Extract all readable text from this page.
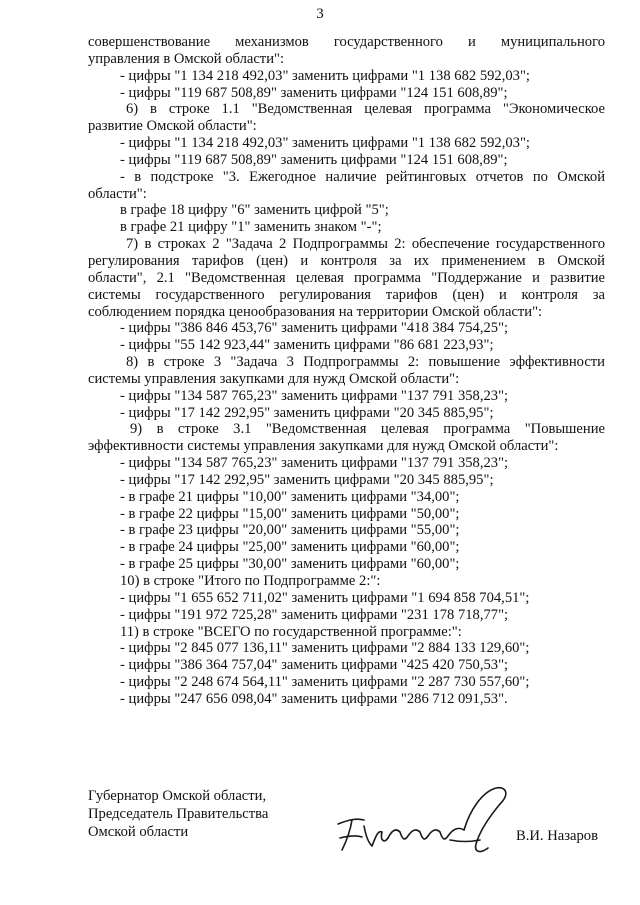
3

совершенствование механизмов государственного и муниципального

управления в Омской области":

- цифры "1 134 218 492,03" заменить цифрами "1 138 682 592,03";

- цифры "119 687 508,89" заменить цифрами "124 151 608,89";

6) в строке 1.1 "Ведомственная целевая программа "Экономическое

развитие Омской области":

- цифры "1 134 218 492,03" заменить цифрами "1 138 682 592,03";

- цифры "119 687 508,89" заменить цифрами "124 151 608,89";

- в подстроке "3. Ежегодное наличие рейтинговых отчетов по Омской

области":

в графе 18 цифру "6" заменить цифрой "5";

в графе 21 цифру "1" заменить знаком "-";

7) в строках 2 "Задача 2 Подпрограммы 2: обеспечение государственного

регулирования тарифов (цен) и контроля за их применением в Омской

области", 2.1 "Ведомственная целевая программа "Поддержание и развитие

системы государственного регулирования тарифов (цен) и контроля за

соблюдением порядка ценообразования на территории Омской области":

- цифры "386 846 453,76" заменить цифрами "418 384 754,25";

- цифры "55 142 923,44" заменить цифрами "86 681 223,93";

8) в строке 3 "Задача 3 Подпрограммы 2: повышение эффективности

системы управления закупками для нужд Омской области":

- цифры "134 587 765,23" заменить цифрами "137 791 358,23";

- цифры "17 142 292,95" заменить цифрами "20 345 885,95";

9) в строке 3.1 "Ведомственная целевая программа "Повышение

эффективности системы управления закупками для нужд Омской области":

- цифры "134 587 765,23" заменить цифрами "137 791 358,23";

- цифры "17 142 292,95" заменить цифрами "20 345 885,95";

- в графе 21 цифры "10,00" заменить цифрами "34,00";

- в графе 22 цифры "15,00" заменить цифрами "50,00";

- в графе 23 цифры "20,00" заменить цифрами "55,00";

- в графе 24 цифры "25,00" заменить цифрами "60,00";

- в графе 25 цифры "30,00" заменить цифрами "60,00";

10) в строке "Итого по Подпрограмме 2:":

- цифры "1 655 652 711,02" заменить цифрами "1 694 858 704,51";

- цифры "191 972 725,28" заменить цифрами "231 178 718,77";

11) в строке "ВСЕГО по государственной программе:":

- цифры "2 845 077 136,11" заменить цифрами "2 884 133 129,60";

- цифры "386 364 757,04" заменить цифрами "425 420 750,53";

- цифры "2 248 674 564,11" заменить цифрами "2 287 730 557,60";

- цифры "247 656 098,04" заменить цифрами "286 712 091,53".

Губернатор Омской области,

Председатель Правительства

Омской области	В.И. Назаров
